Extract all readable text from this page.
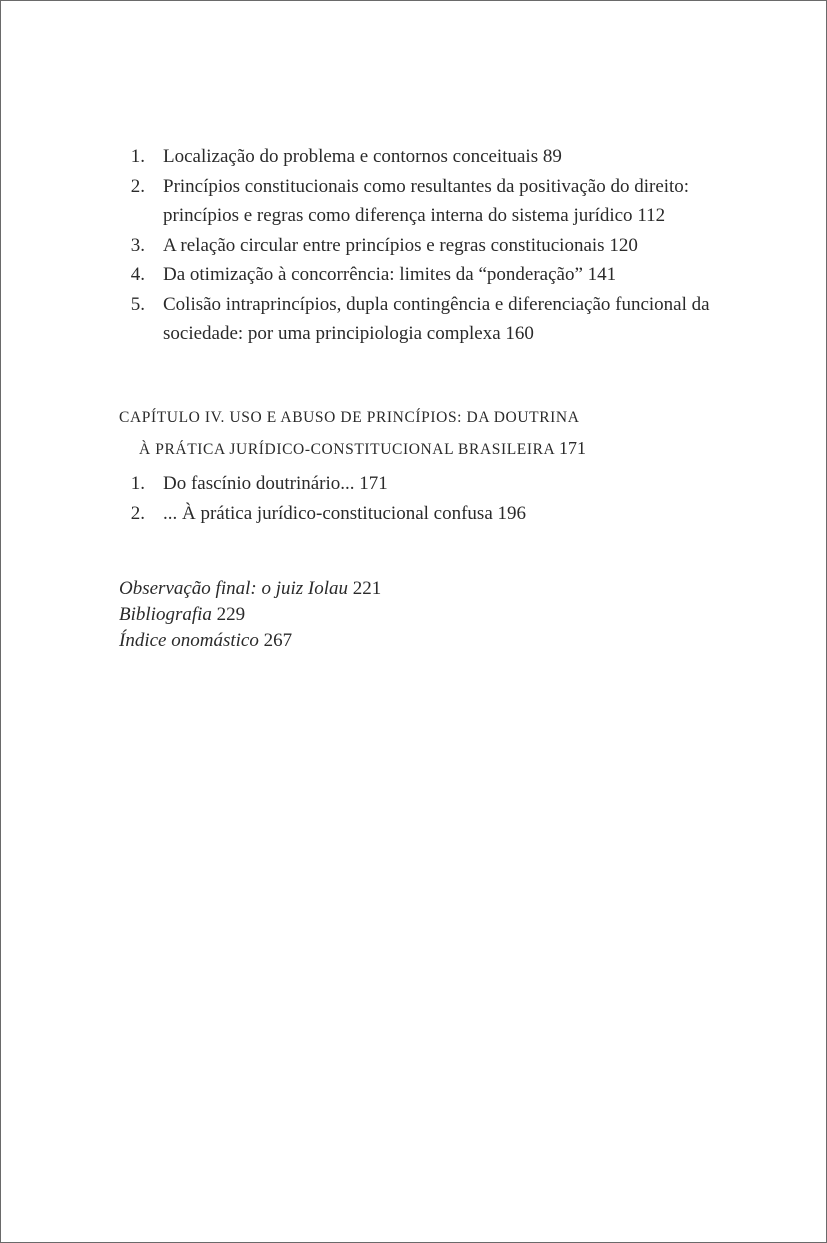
1. Localização do problema e contornos conceituais 89
2. Princípios constitucionais como resultantes da positivação do direito: princípios e regras como diferença interna do sistema jurídico 112
3. A relação circular entre princípios e regras constitucionais 120
4. Da otimização à concorrência: limites da “ponderação” 141
5. Colisão intraprincípios, dupla contingência e diferenciação funcional da sociedade: por uma principiologia complexa 160
CAPÍTULO IV. USO E ABUSO DE PRINCÍPIOS: DA DOUTRINA
À PRÁTICA JURÍDICO-CONSTITUCIONAL BRASILEIRA 171
1. Do fascínio doutrinário... 171
2. ... À prática jurídico-constitucional confusa 196
Observação final: o juiz Iolau 221
Bibliografia 229
Índice onomástico 267
